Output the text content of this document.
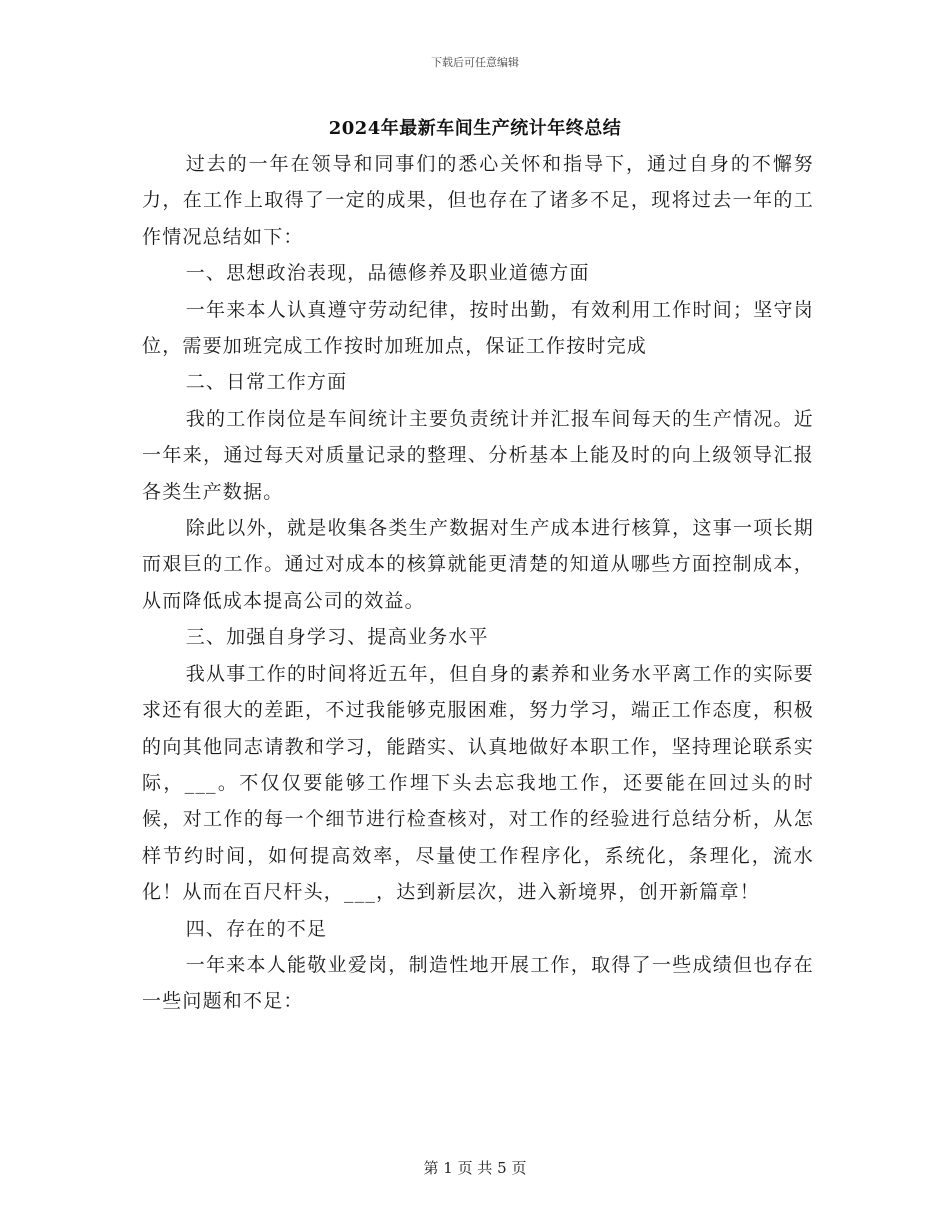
下载后可任意编辑
2024年最新车间生产统计年终总结

过去的一年在领导和同事们的悉心关怀和指导下，通过自身的不懈努力，在工作上取得了一定的成果，但也存在了诸多不足，现将过去一年的工作情况总结如下：

一、思想政治表现，品德修养及职业道德方面

一年来本人认真遵守劳动纪律，按时出勤，有效利用工作时间；坚守岗位，需要加班完成工作按时加班加点，保证工作按时完成

二、日常工作方面

我的工作岗位是车间统计主要负责统计并汇报车间每天的生产情况。近一年来，通过每天对质量记录的整理、分析基本上能及时的向上级领导汇报各类生产数据。

除此以外，就是收集各类生产数据对生产成本进行核算，这事一项长期而艰巨的工作。通过对成本的核算就能更清楚的知道从哪些方面控制成本，从而降低成本提高公司的效益。

三、加强自身学习、提高业务水平

我从事工作的时间将近五年，但自身的素养和业务水平离工作的实际要求还有很大的差距，不过我能够克服困难，努力学习，端正工作态度，积极的向其他同志请教和学习，能踏实、认真地做好本职工作，坚持理论联系实际，___。不仅仅要能够工作埋下头去忘我地工作，还要能在回过头的时候，对工作的每一个细节进行检查核对，对工作的经验进行总结分析，从怎样节约时间，如何提高效率，尽量使工作程序化，系统化，条理化，流水化！从而在百尺杆头，___，达到新层次，进入新境界，创开新篇章！

四、存在的不足

一年来本人能敬业爱岗，制造性地开展工作，取得了一些成绩但也存在一些问题和不足：

第 1 页 共 5 页
